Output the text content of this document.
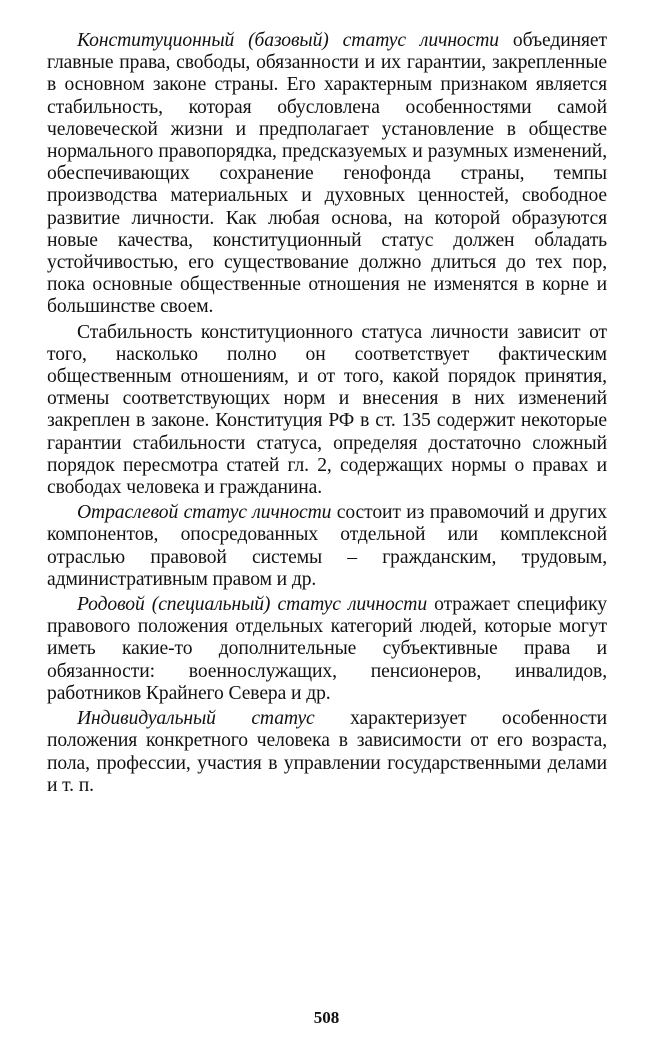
Конституционный (базовый) статус личности объединяет главные права, свободы, обязанности и их гарантии, закрепленные в основном законе страны. Его характерным признаком является стабильность, которая обусловлена особенностями самой человеческой жизни и предполагает установление в обществе нормального правопорядка, предсказуемых и разумных изменений, обеспечивающих сохранение генофонда страны, темпы производства материальных и духовных ценностей, свободное развитие личности. Как любая основа, на которой образуются новые качества, конституционный статус должен обладать устойчивостью, его существование должно длиться до тех пор, пока основные общественные отношения не изменятся в корне и большинстве своем.

Стабильность конституционного статуса личности зависит от того, насколько полно он соответствует фактическим общественным отношениям, и от того, какой порядок принятия, отмены соответствующих норм и внесения в них изменений закреплен в законе. Конституция РФ в ст. 135 содержит некоторые гарантии стабильности статуса, определяя достаточно сложный порядок пересмотра статей гл. 2, содержащих нормы о правах и свободах человека и гражданина.

Отраслевой статус личности состоит из правомочий и других компонентов, опосредованных отдельной или комплексной отраслью правовой системы – гражданским, трудовым, административным правом и др.

Родовой (специальный) статус личности отражает специфику правового положения отдельных категорий людей, которые могут иметь какие-то дополнительные субъективные права и обязанности: военнослужащих, пенсионеров, инвалидов, работников Крайнего Севера и др.

Индивидуальный статус характеризует особенности положения конкретного человека в зависимости от его возраста, пола, профессии, участия в управлении государственными делами и т. п.

508
